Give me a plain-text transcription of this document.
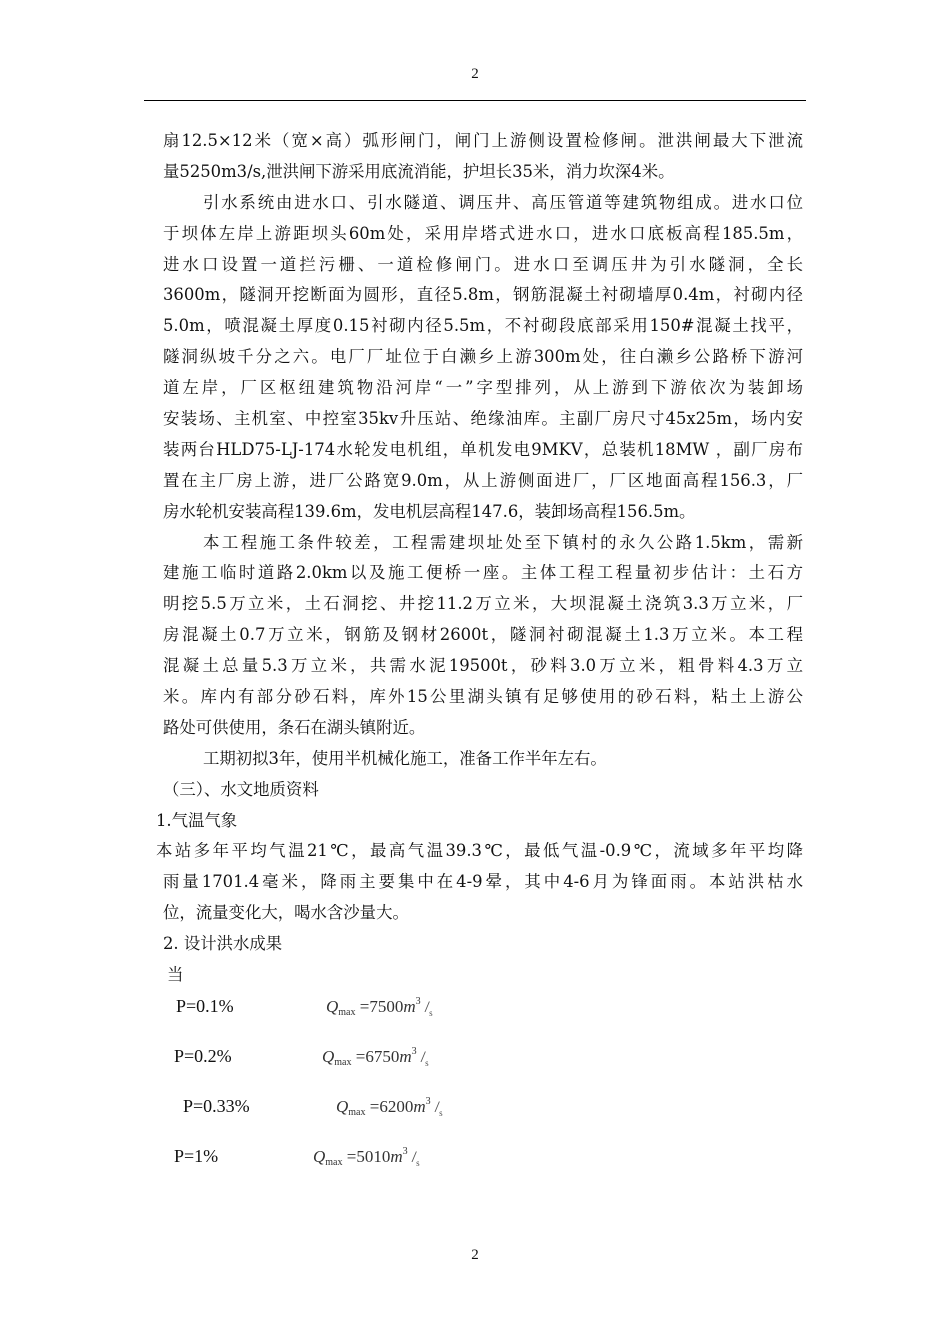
2
扇12.5×12米（宽×高）弧形闸门，闸门上游侧设置检修闸。泄洪闸最大下泄流
量5250m3/s,泄洪闸下游采用底流消能，护坦长35米，消力坎深4米。
引水系统由进水口、引水隧道、调压井、高压管道等建筑物组成。进水口位
于坝体左岸上游距坝头60m处，采用岸塔式进水口，进水口底板高程185.5m，
进水口设置一道拦污栅、一道检修闸门。进水口至调压井为引水隧洞，全长
3600m，隧洞开挖断面为圆形，直径5.8m，钢筋混凝土衬砌墙厚0.4m，衬砌内径
5.0m，喷混凝土厚度0.15衬砌内径5.5m，不衬砌段底部采用150#混凝土找平，
隧洞纵坡千分之六。电厂厂址位于白濑乡上游300m处，往白濑乡公路桥下游河
道左岸，厂区枢纽建筑物沿河岸“一”字型排列，从上游到下游依次为装卸场
安装场、主机室、中控室35kv升压站、绝缘油库。主副厂房尺寸45x25m，场内安
装两台HLD75-LJ-174水轮发电机组，单机发电9MKV，总装机18MW ，副厂房布
置在主厂房上游，进厂公路宽9.0m，从上游侧面进厂，厂区地面高程156.3，厂
房水轮机安装高程139.6m，发电机层高程147.6，装卸场高程156.5m。
本工程施工条件较差，工程需建坝址处至下镇村的永久公路1.5km，需新
建施工临时道路2.0km以及施工便桥一座。主体工程工程量初步估计：土石方
明挖5.5万立米，土石洞挖、井挖11.2万立米，大坝混凝土浇筑3.3万立米，厂
房混凝土0.7万立米，钢筋及钢材2600t，隧洞衬砌混凝土1.3万立米。本工程
混凝土总量5.3万立米，共需水泥19500t，砂料3.0万立米，粗骨料4.3万立
米。库内有部分砂石料，库外15公里湖头镇有足够使用的砂石料，粘土上游公
路处可供使用，条石在湖头镇附近。
工期初拟3年，使用半机械化施工，准备工作半年左右。
（三）、水文地质资料
1.气温气象
本站多年平均气温21℃，最高气温39.3℃，最低气温-0.9℃，流域多年平均降
雨量1701.4毫米，降雨主要集中在4-9晕，其中4-6月为锋面雨。本站洪枯水
位，流量变化大，喝水含沙量大。
2. 设计洪水成果
当
P=0.1%	$Q_{max} =7500m^3$ $/_s$
P=0.2%	$Q_{max} =6750m^3$ $/_s$
P=0.33%	$Q_{max} =6200m^3$ $/_s$
P=1%	$Q_{max} =5010m^3$ $/_s$
2
